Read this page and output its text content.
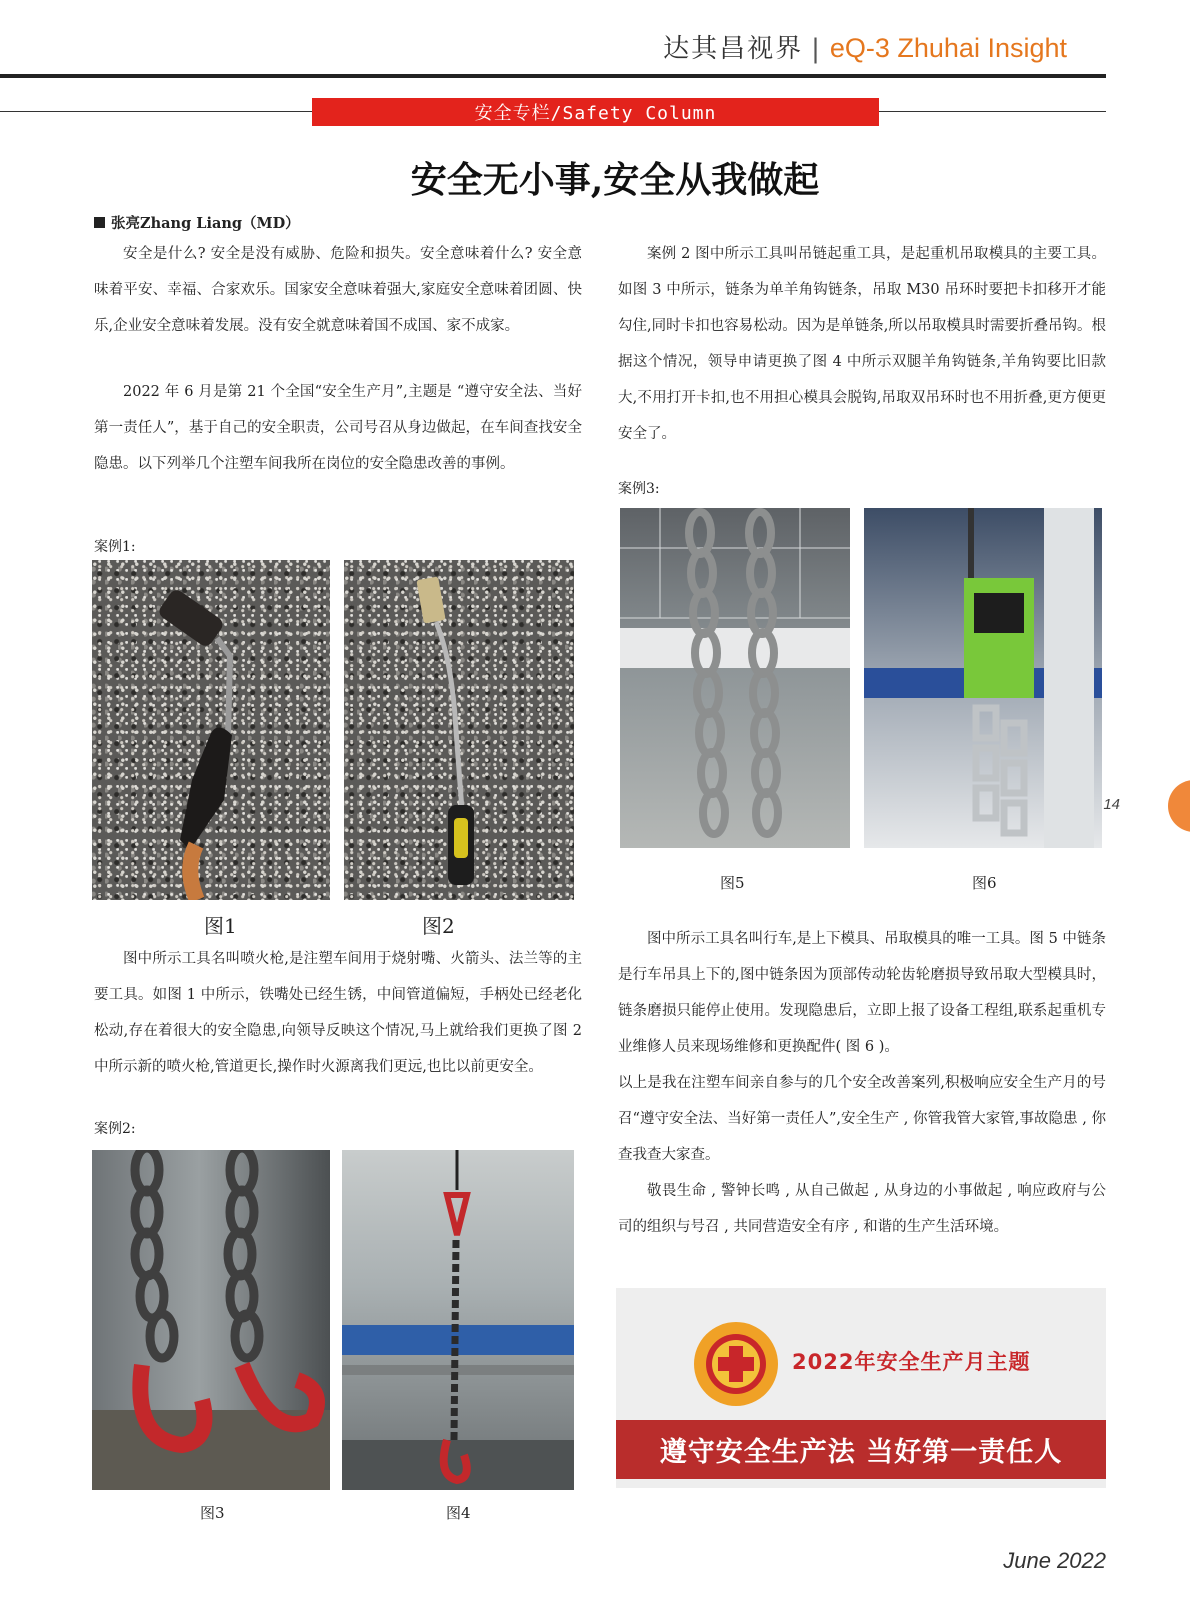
达其昌视界 | eQ-3 Zhuhai Insight
安全专栏/Safety Column
安全无小事,安全从我做起
张亮Zhang Liang（MD）

安全是什么? 安全是没有威胁、危险和损失。安全意味着什么? 安全意味着平安、幸福、合家欢乐。国家安全意味着强大,家庭安全意味着团圆、快乐,企业安全意味着发展。没有安全就意味着国不成国、家不成家。

2022 年 6 月是第 21 个全国“安全生产月”,主题是 “遵守安全法、当好第一责任人”，基于自己的安全职责，公司号召从身边做起，在车间查找安全隐患。以下列举几个注塑车间我所在岗位的安全隐患改善的事例。

案例1:
图1	图2

图中所示工具名叫喷火枪,是注塑车间用于烧射嘴、火箭头、法兰等的主要工具。如图 1 中所示，铁嘴处已经生锈，中间管道偏短，手柄处已经老化松动,存在着很大的安全隐患,向领导反映这个情况,马上就给我们更换了图 2 中所示新的喷火枪,管道更长,操作时火源离我们更远,也比以前更安全。

案例2:
图3	图4

案例 2 图中所示工具叫吊链起重工具，是起重机吊取模具的主要工具。如图 3 中所示，链条为单羊角钩链条，吊取 M30 吊环时要把卡扣移开才能勾住,同时卡扣也容易松动。因为是单链条,所以吊取模具时需要折叠吊钩。根据这个情况，领导申请更换了图 4 中所示双腿羊角钩链条,羊角钩要比旧款大,不用打开卡扣,也不用担心模具会脱钩,吊取双吊环时也不用折叠,更方便更安全了。

案例3:
图5	图6

图中所示工具名叫行车,是上下模具、吊取模具的唯一工具。图 5 中链条是行车吊具上下的,图中链条因为顶部传动轮齿轮磨损导致吊取大型模具时，链条磨损只能停止使用。发现隐患后，立即上报了设备工程组,联系起重机专业维修人员来现场维修和更换配件( 图 6 )。

以上是我在注塑车间亲自参与的几个安全改善案列,积极响应安全生产月的号召“遵守安全法、当好第一责任人”,安全生产 , 你管我管大家管,事故隐患 , 你查我查大家查。

敬畏生命 , 警钟长鸣 , 从自己做起 , 从身边的小事做起 , 响应政府与公司的组织与号召 , 共同营造安全有序 , 和谐的生产生活环境。

2022年安全生产月主题
遵守安全生产法 当好第一责任人
14
June 2022
